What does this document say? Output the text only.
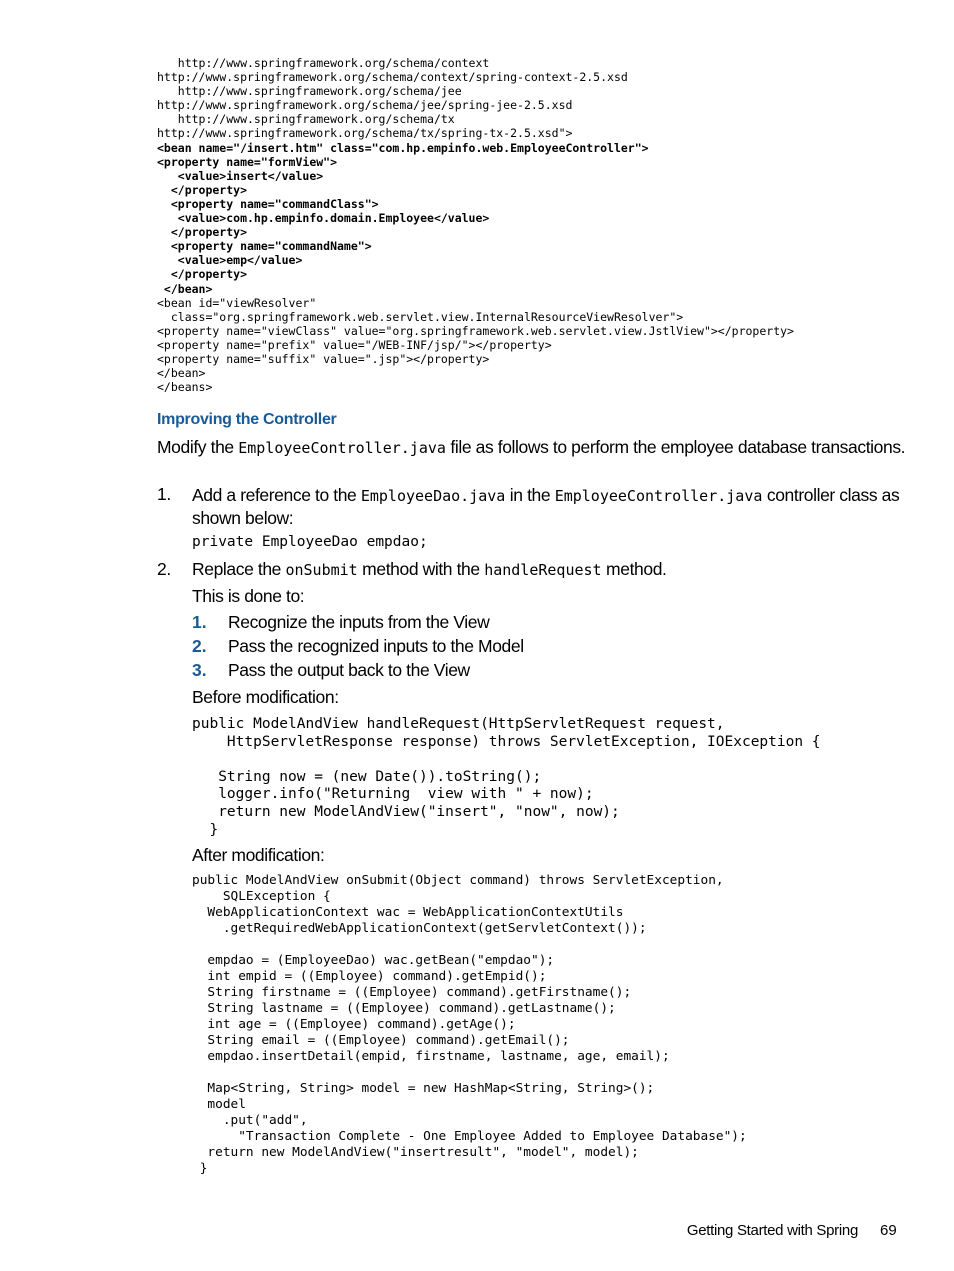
http://www.springframework.org/schema/context
http://www.springframework.org/schema/context/spring-context-2.5.xsd
http://www.springframework.org/schema/jee
http://www.springframework.org/schema/jee/spring-jee-2.5.xsd
http://www.springframework.org/schema/tx
http://www.springframework.org/schema/tx/spring-tx-2.5.xsd">
<bean name="/insert.htm" class="com.hp.empinfo.web.EmployeeController">
<property name="formView">
<value>insert</value>
</property>
<property name="commandClass">
<value>com.hp.empinfo.domain.Employee</value>
</property>
<property name="commandName">
<value>emp</value>
</property>
</bean>
<bean id="viewResolver"
class="org.springframework.web.servlet.view.InternalResourceViewResolver">
<property name="viewClass" value="org.springframework.web.servlet.view.JstlView"></property>
<property name="prefix" value="/WEB-INF/jsp/"></property>
<property name="suffix" value=".jsp"></property>
</bean>
</beans>
Improving the Controller
Modify the EmployeeController.java file as follows to perform the employee database transactions.
1. Add a reference to the EmployeeDao.java in the EmployeeController.java controller class as shown below:
private EmployeeDao empdao;
2. Replace the onSubmit method with the handleRequest method.
This is done to:
1. Recognize the inputs from the View
2. Pass the recognized inputs to the Model
3. Pass the output back to the View
Before modification:
public ModelAndView handleRequest(HttpServletRequest request,
HttpServletResponse response) throws ServletException, IOException {

String now = (new Date()).toString();
logger.info("Returning  view with " + now);
return new ModelAndView("insert", "now", now);
}
After modification:
public ModelAndView onSubmit(Object command) throws ServletException,
SQLException {
WebApplicationContext wac = WebApplicationContextUtils
.getRequiredWebApplicationContext(getServletContext());

empdao = (EmployeeDao) wac.getBean("empdao");
int empid = ((Employee) command).getEmpid();
String firstname = ((Employee) command).getFirstname();
String lastname = ((Employee) command).getLastname();
int age = ((Employee) command).getAge();
String email = ((Employee) command).getEmail();
empdao.insertDetail(empid, firstname, lastname, age, email);

Map<String, String> model = new HashMap<String, String>();
model
.put("add",
"Transaction Complete - One Employee Added to Employee Database");
return new ModelAndView("insertresult", "model", model);
}
Getting Started with Spring 69
